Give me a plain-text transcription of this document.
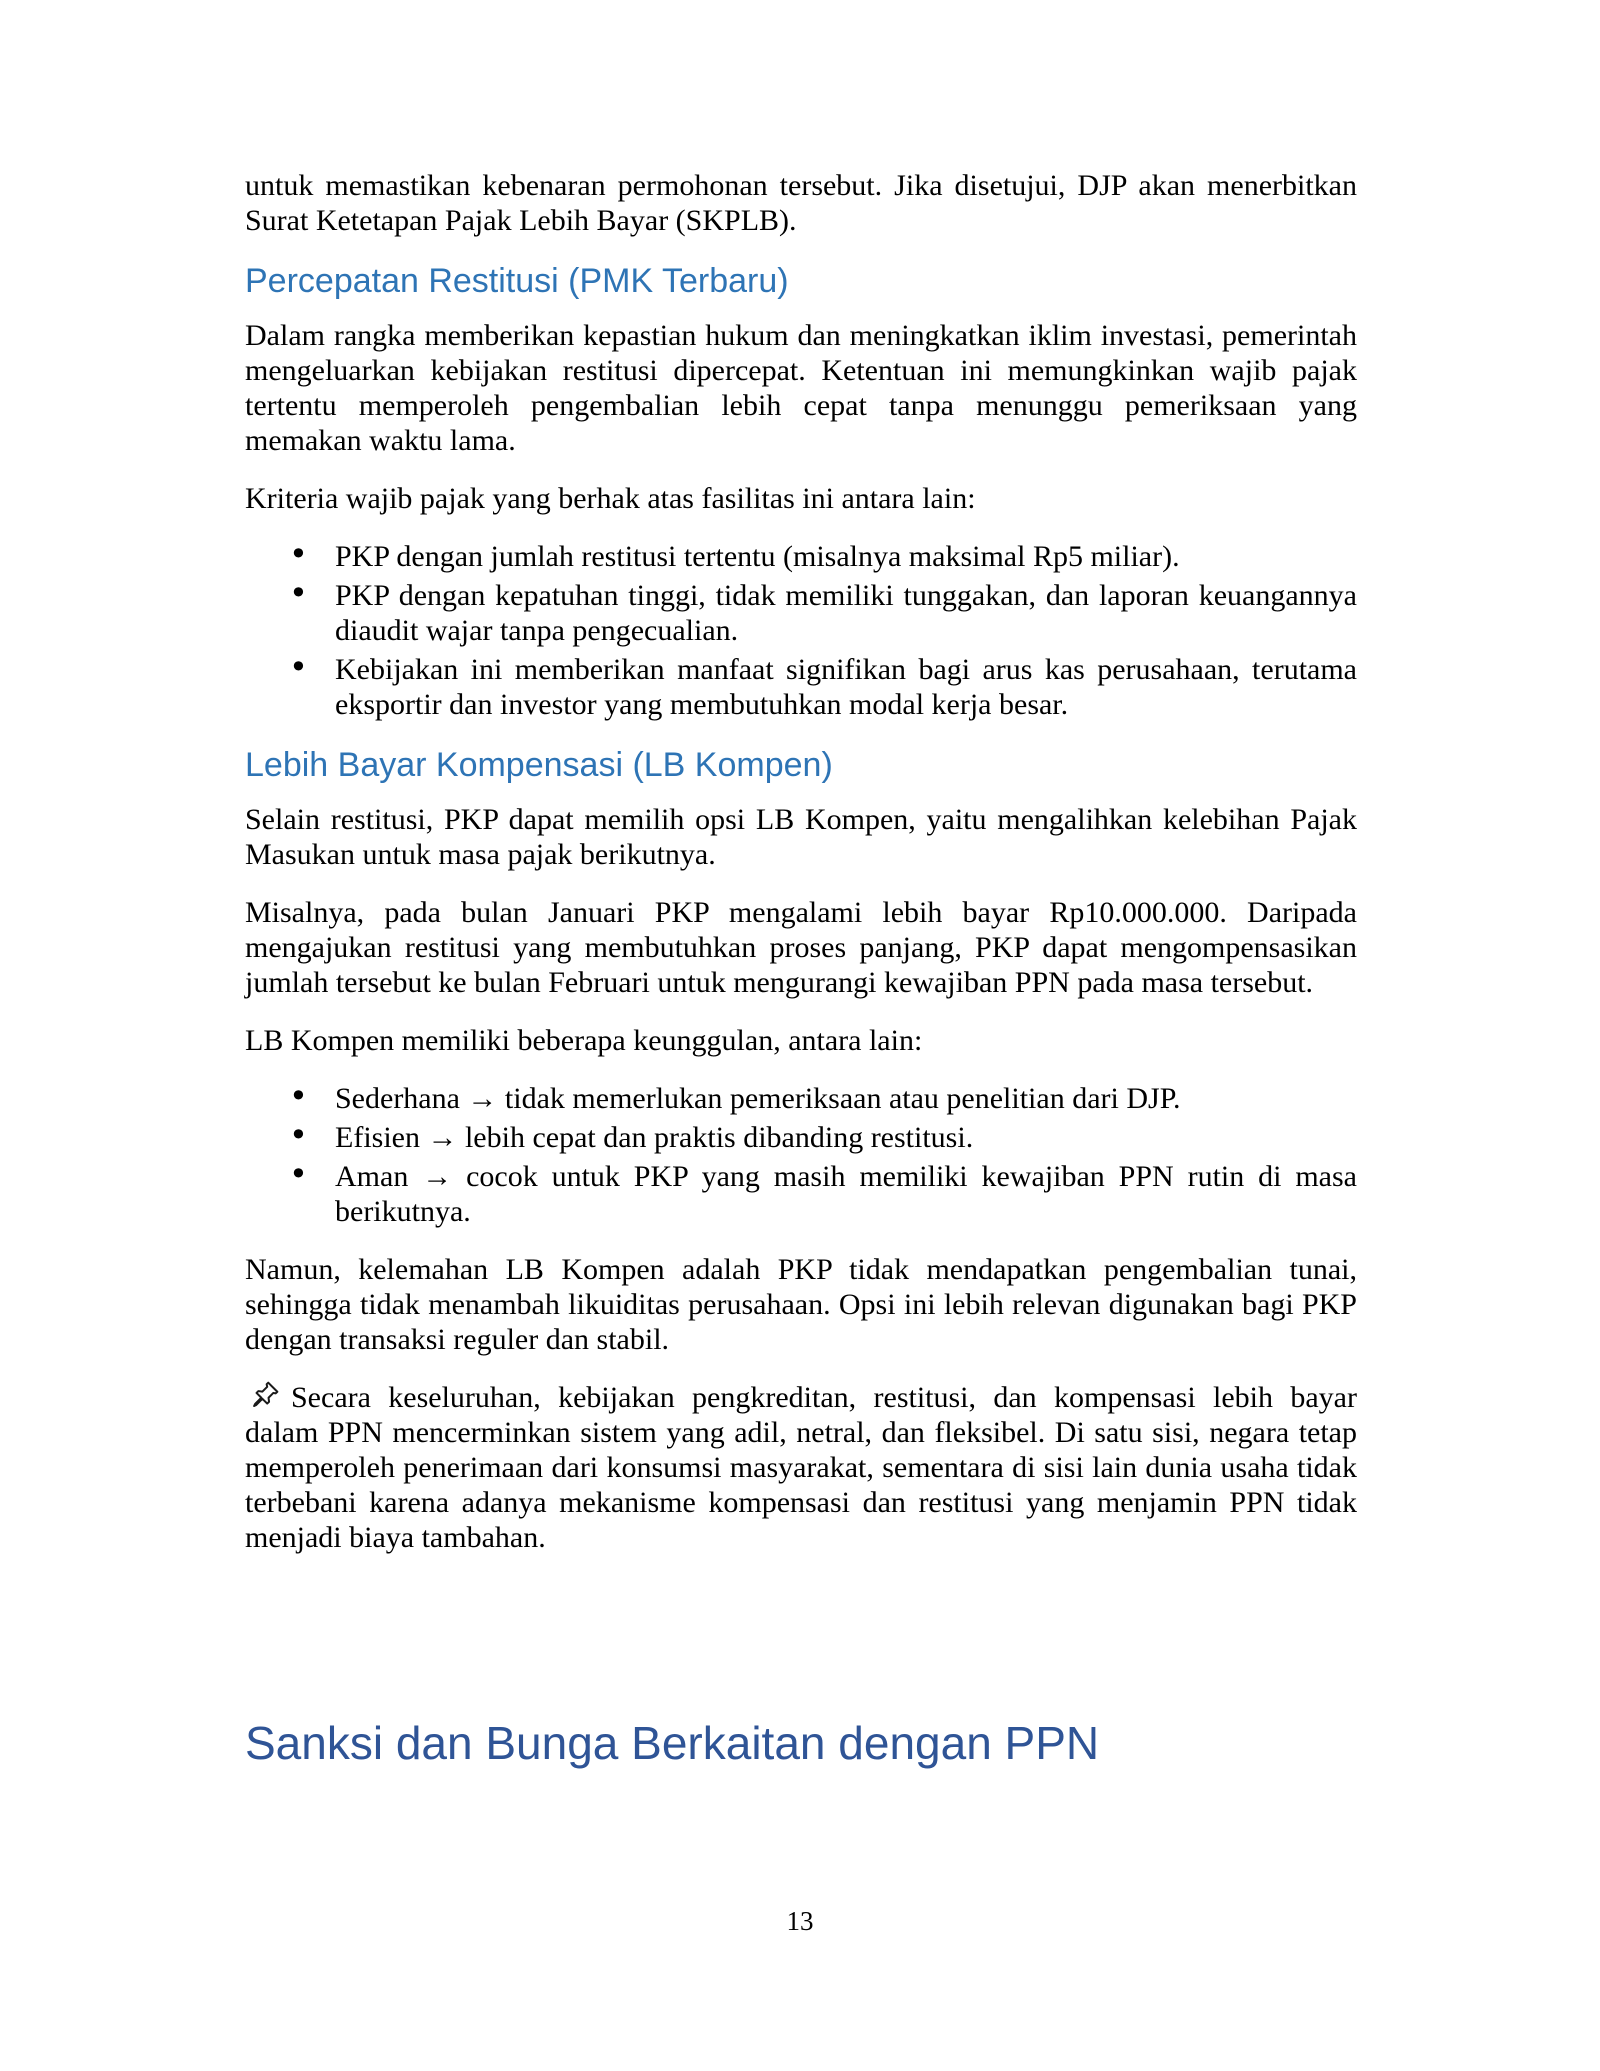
untuk memastikan kebenaran permohonan tersebut. Jika disetujui, DJP akan menerbitkan Surat Ketetapan Pajak Lebih Bayar (SKPLB).

Percepatan Restitusi (PMK Terbaru)

Dalam rangka memberikan kepastian hukum dan meningkatkan iklim investasi, pemerintah mengeluarkan kebijakan restitusi dipercepat. Ketentuan ini memungkinkan wajib pajak tertentu memperoleh pengembalian lebih cepat tanpa menunggu pemeriksaan yang memakan waktu lama.

Kriteria wajib pajak yang berhak atas fasilitas ini antara lain:

• PKP dengan jumlah restitusi tertentu (misalnya maksimal Rp5 miliar).
• PKP dengan kepatuhan tinggi, tidak memiliki tunggakan, dan laporan keuangannya diaudit wajar tanpa pengecualian.
• Kebijakan ini memberikan manfaat signifikan bagi arus kas perusahaan, terutama eksportir dan investor yang membutuhkan modal kerja besar.
Lebih Bayar Kompensasi (LB Kompen)

Selain restitusi, PKP dapat memilih opsi LB Kompen, yaitu mengalihkan kelebihan Pajak Masukan untuk masa pajak berikutnya.

Misalnya, pada bulan Januari PKP mengalami lebih bayar Rp10.000.000. Daripada mengajukan restitusi yang membutuhkan proses panjang, PKP dapat mengompensasikan jumlah tersebut ke bulan Februari untuk mengurangi kewajiban PPN pada masa tersebut.

LB Kompen memiliki beberapa keunggulan, antara lain:

• Sederhana → tidak memerlukan pemeriksaan atau penelitian dari DJP.
• Efisien → lebih cepat dan praktis dibanding restitusi.
• Aman → cocok untuk PKP yang masih memiliki kewajiban PPN rutin di masa berikutnya.

Namun, kelemahan LB Kompen adalah PKP tidak mendapatkan pengembalian tunai, sehingga tidak menambah likuiditas perusahaan. Opsi ini lebih relevan digunakan bagi PKP dengan transaksi reguler dan stabil.

Secara keseluruhan, kebijakan pengkreditan, restitusi, dan kompensasi lebih bayar dalam PPN mencerminkan sistem yang adil, netral, dan fleksibel. Di satu sisi, negara tetap memperoleh penerimaan dari konsumsi masyarakat, sementara di sisi lain dunia usaha tidak terbebani karena adanya mekanisme kompensasi dan restitusi yang menjamin PPN tidak menjadi biaya tambahan.

Sanksi dan Bunga Berkaitan dengan PPN
13
